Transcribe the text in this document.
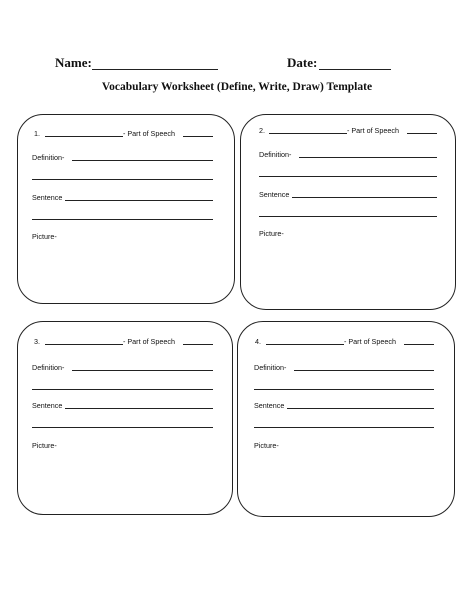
Name:	Date:
Vocabulary Worksheet (Define, Write, Draw) Template
1.	- Part of Speech
Definition-
Sentence
Picture-
2.	- Part of Speech
Definition-
Sentence
Picture-
3.	- Part of Speech
Definition-
Sentence
Picture-
4.	- Part of Speech
Definition-
Sentence
Picture-
